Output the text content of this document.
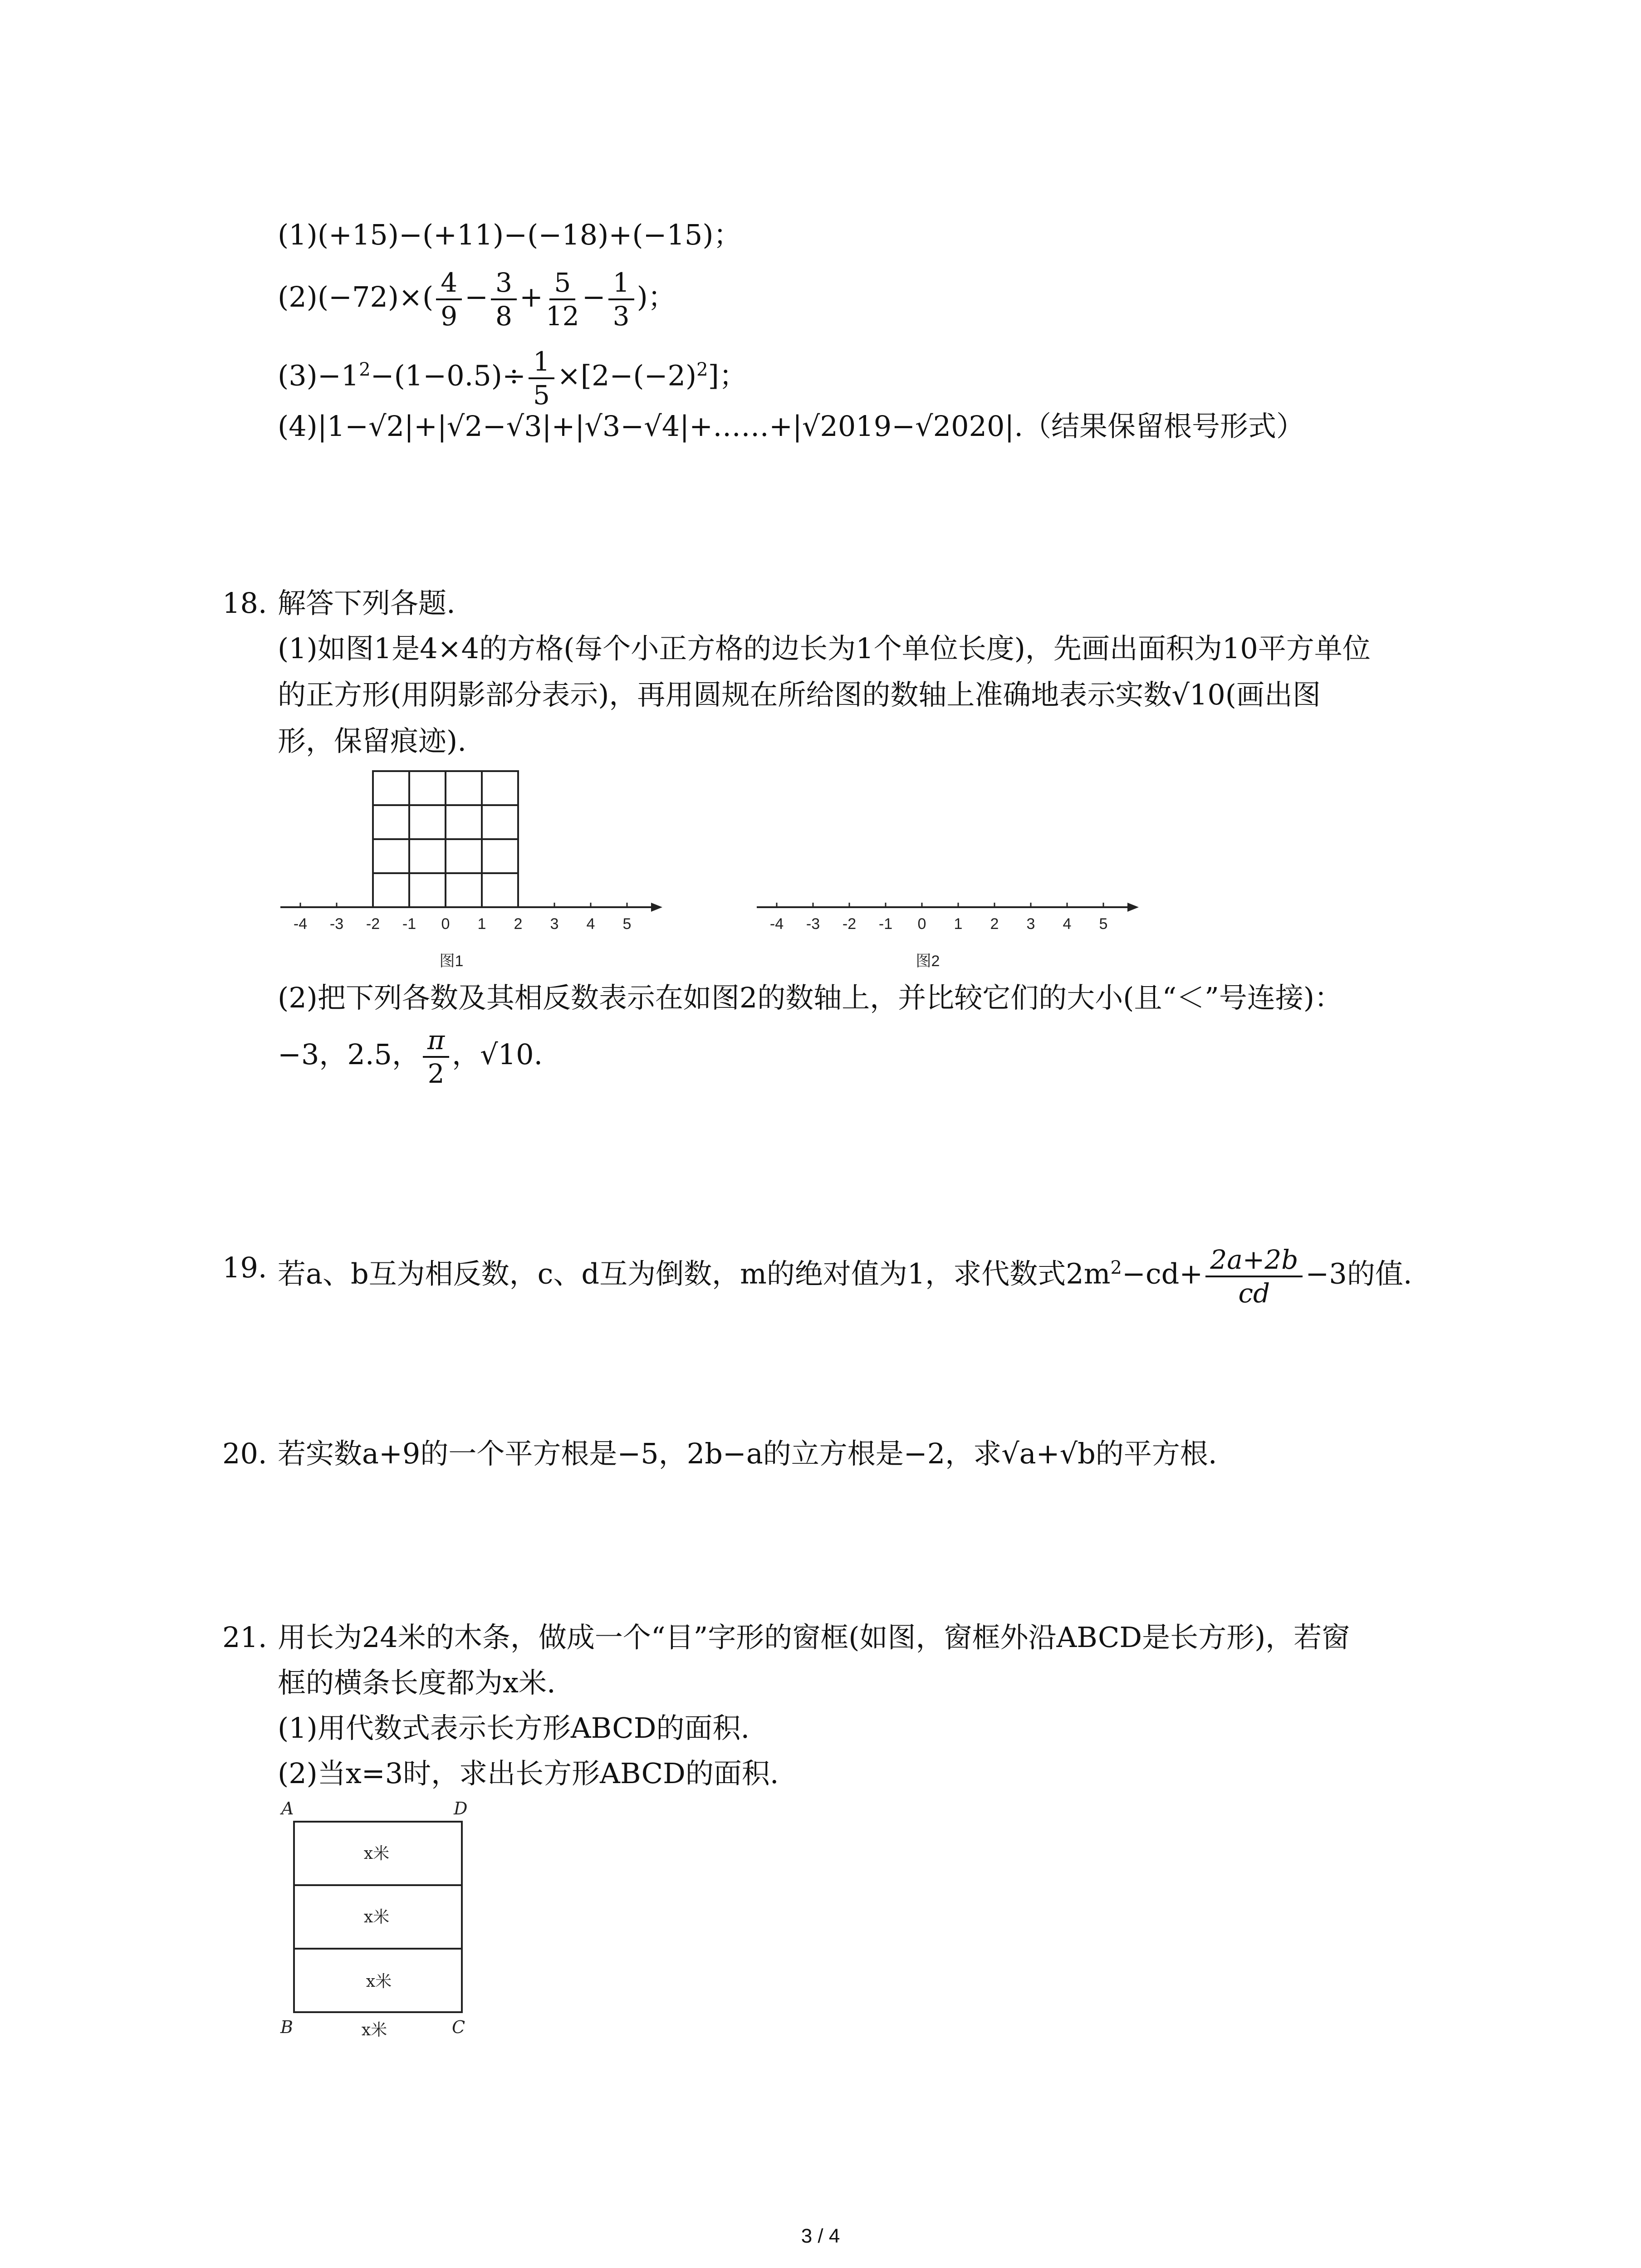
(1)(+15)−(+11)−(−18)+(−15)；
$(2)(-72)\times( \frac{4}{9} - \frac{3}{8} + \frac{5}{12} - \frac{1}{3}$ )；
$(3)-1^2-(1-0.5)\div \frac{1}{5} \times[2-(-2)^2]$；
(4)|1−√2|+|√2−√3|+|√3−√4|+……+|√2019−√2020|.（结果保留根号形式）
18. 解答下列各题.
(1)如图1是4×4的方格(每个小正方格的边长为1个单位长度)，先画出面积为10平方单位
的正方形(用阴影部分表示)，再用圆规在所给图的数轴上准确地表示实数√10(画出图
形，保留痕迹).
-4 -3 -2 -1 0 1 2 3 4 5
图1
-4 -3 -2 -1 0 1 2 3 4 5
图2
(2)把下列各数及其相反数表示在如图2的数轴上，并比较它们的大小(且“＜”号连接)：
−3，2.5， $\frac{\pi}{2}$ ，√10.
19. 若a、b互为相反数，c、d互为倒数，m的绝对值为1，求代数式$2m^2-cd+ \frac{2a+2b}{cd} -3$的值.
20. 若实数a+9的一个平方根是−5，2b−a的立方根是−2，求√a+√b的平方根.
21. 用长为24米的木条，做成一个“目”字形的窗框(如图，窗框外沿ABCD是长方形)，若窗
框的横条长度都为x米.
(1)用代数式表示长方形ABCD的面积.
(2)当x=3时，求出长方形ABCD的面积.
A	D
B	C
x米
x米
x米
x米
3 / 4
